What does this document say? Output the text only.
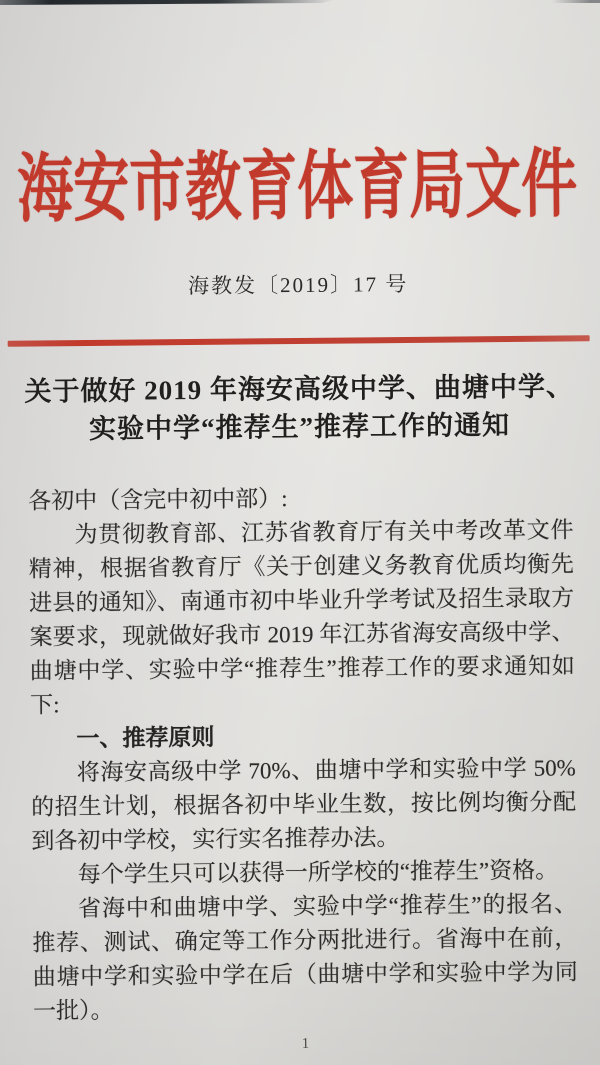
海安市教育体育局文件
海教发〔2019〕17 号
关于做好 2019 年海安高级中学、曲塘中学、
实验中学“推荐生”推荐工作的通知

各初中（含完中初中部）:

为贯彻教育部、江苏省教育厅有关中考改革文件精神，根据省教育厅《关于创建义务教育优质均衡先进县的通知》、南通市初中毕业升学考试及招生录取方案要求，现就做好我市 2019 年江苏省海安高级中学、曲塘中学、实验中学“推荐生”推荐工作的要求通知如下:

一、推荐原则

将海安高级中学 70%、曲塘中学和实验中学 50%的招生计划，根据各初中毕业生数，按比例均衡分配到各初中学校，实行实名推荐办法。

每个学生只可以获得一所学校的“推荐生”资格。

省海中和曲塘中学、实验中学“推荐生”的报名、推荐、测试、确定等工作分两批进行。省海中在前，曲塘中学和实验中学在后（曲塘中学和实验中学为同一批）。

1
